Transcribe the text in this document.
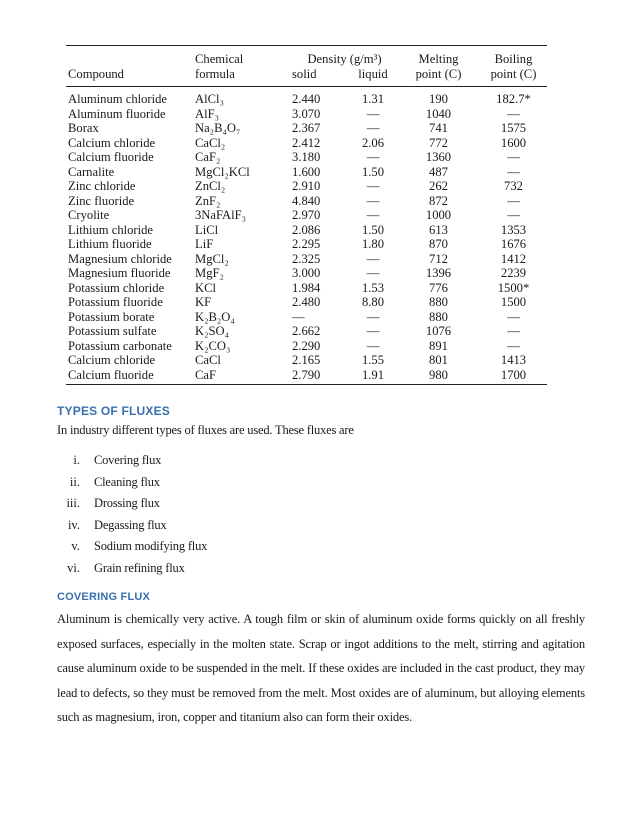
	Chemical	Density (g/m³)		Melting	Boiling
Compound	formula	solid	liquid	point (C)	point (C)
Aluminum chloride	AlCl₃	2.440	1.31	190	182.7*
Aluminum fluoride	AlF₃	3.070	—	1040	—
Borax	Na₂B₄O₇	2.367	—	741	1575
Calcium chloride	CaCl₂	2.412	2.06	772	1600
Calcium fluoride	CaF₂	3.180	—	1360	—
Carnalite	MgCl₂KCl	1.600	1.50	487	—
Zinc chloride	ZnCl₂	2.910	—	262	732
Zinc fluoride	ZnF₂	4.840	—	872	—
Cryolite	3NaFAlF₃	2.970	—	1000	—
Lithium chloride	LiCl	2.086	1.50	613	1353
Lithium fluoride	LiF	2.295	1.80	870	1676
Magnesium chloride	MgCl₂	2.325	—	712	1412
Magnesium fluoride	MgF₂	3.000	—	1396	2239
Potassium chloride	KCl	1.984	1.53	776	1500*
Potassium fluoride	KF	2.480	8.80	880	1500
Potassium borate	K₂B₂O₄	—	—	880	—
Potassium sulfate	K₂SO₄	2.662	—	1076	—
Potassium carbonate	K₂CO₃	2.290	—	891	—
Calcium chloride	CaCl	2.165	1.55	801	1413
Calcium fluoride	CaF	2.790	1.91	980	1700
TYPES OF FLUXES
In industry different types of fluxes are used. These fluxes are
i. Covering flux
ii. Cleaning flux
iii. Drossing flux
iv. Degassing flux
v. Sodium modifying flux
vi. Grain refining flux
COVERING FLUX

Aluminum is chemically very active. A tough film or skin of aluminum oxide forms quickly on all freshly exposed surfaces, especially in the molten state. Scrap or ingot additions to the melt, stirring and agitation cause aluminum oxide to be suspended in the melt. If these oxides are included in the cast product, they may lead to defects, so they must be removed from the melt. Most oxides are of aluminum, but alloying elements such as magnesium, iron, copper and titanium also can form their oxides.
